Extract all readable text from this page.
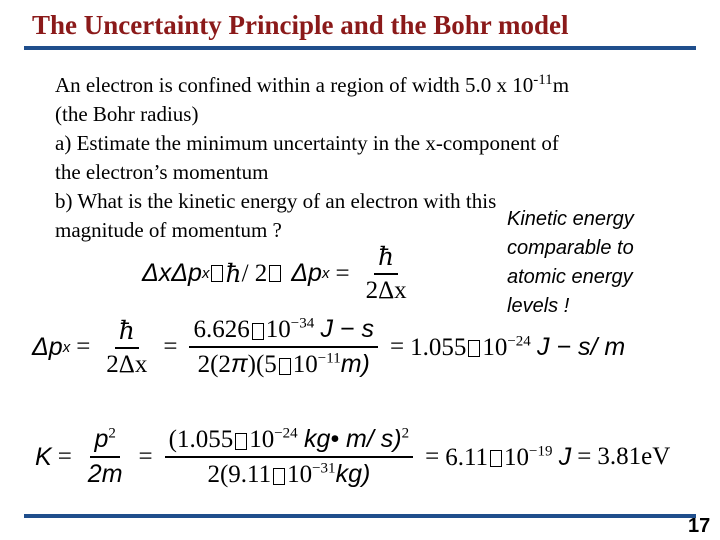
The Uncertainty Principle and the Bohr model

An electron is confined within a region of width 5.0 x $10^{-11}m$

(the Bohr radius)

a) Estimate the minimum uncertainty in the x-component of

the electron’s momentum

b) What is the kinetic energy of an electron with this

magnitude of momentum ?	Kinetic energy

comparable to

atomic energy

levels !

ΔxΔp x ħ / 2 Δp $x = \frac{ħ}{2\Delta x}$
Δp $x = \frac{ħ}{2\Delta x} = \frac{6.626 10^{-34} J - s}{2(2\pi)(5 10^{-11}m)} = 1.055$ $10^{-24}$ J − s/ m
$K = \frac{p^2}{2m} = \frac{(1.055 10^{-24} kg• m/ s)^2}{2(9.11 10^{-31}kg)} = 6.11$ $10^{-19}$ J = 3.81eV
17
